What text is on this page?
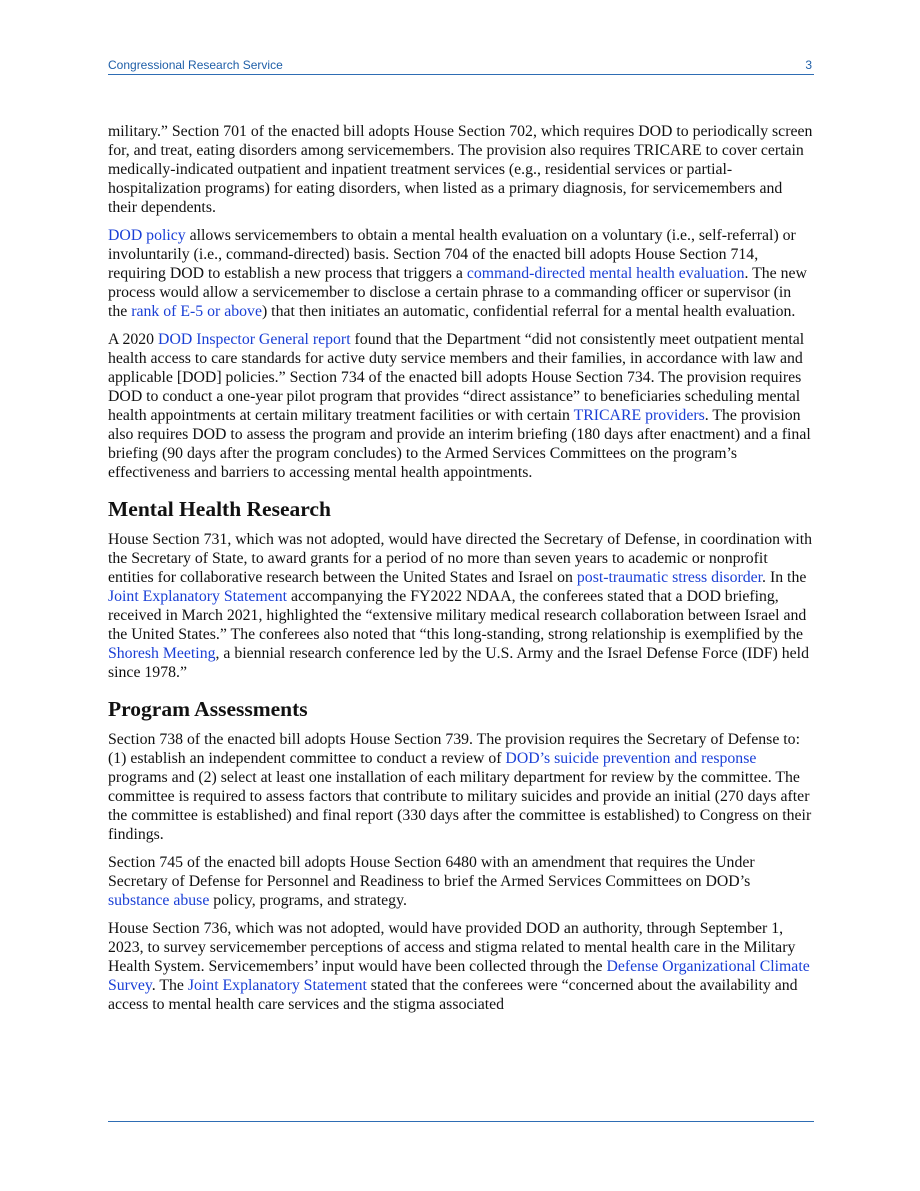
Congressional Research Service	3

military.” Section 701 of the enacted bill adopts House Section 702, which requires DOD to periodically screen for, and treat, eating disorders among servicemembers. The provision also requires TRICARE to cover certain medically-indicated outpatient and inpatient treatment services (e.g., residential services or partial-hospitalization programs) for eating disorders, when listed as a primary diagnosis, for servicemembers and their dependents.

DOD policy allows servicemembers to obtain a mental health evaluation on a voluntary (i.e., self-referral) or involuntarily (i.e., command-directed) basis. Section 704 of the enacted bill adopts House Section 714, requiring DOD to establish a new process that triggers a command-directed mental health evaluation. The new process would allow a servicemember to disclose a certain phrase to a commanding officer or supervisor (in the rank of E-5 or above) that then initiates an automatic, confidential referral for a mental health evaluation.

A 2020 DOD Inspector General report found that the Department “did not consistently meet outpatient mental health access to care standards for active duty service members and their families, in accordance with law and applicable [DOD] policies.” Section 734 of the enacted bill adopts House Section 734. The provision requires DOD to conduct a one-year pilot program that provides “direct assistance” to beneficiaries scheduling mental health appointments at certain military treatment facilities or with certain TRICARE providers. The provision also requires DOD to assess the program and provide an interim briefing (180 days after enactment) and a final briefing (90 days after the program concludes) to the Armed Services Committees on the program’s effectiveness and barriers to accessing mental health appointments.

Mental Health Research

House Section 731, which was not adopted, would have directed the Secretary of Defense, in coordination with the Secretary of State, to award grants for a period of no more than seven years to academic or nonprofit entities for collaborative research between the United States and Israel on post-traumatic stress disorder. In the Joint Explanatory Statement accompanying the FY2022 NDAA, the conferees stated that a DOD briefing, received in March 2021, highlighted the “extensive military medical research collaboration between Israel and the United States.” The conferees also noted that “this long-standing, strong relationship is exemplified by the Shoresh Meeting, a biennial research conference led by the U.S. Army and the Israel Defense Force (IDF) held since 1978.”

Program Assessments

Section 738 of the enacted bill adopts House Section 739. The provision requires the Secretary of Defense to: (1) establish an independent committee to conduct a review of DOD’s suicide prevention and response programs and (2) select at least one installation of each military department for review by the committee. The committee is required to assess factors that contribute to military suicides and provide an initial (270 days after the committee is established) and final report (330 days after the committee is established) to Congress on their findings.

Section 745 of the enacted bill adopts House Section 6480 with an amendment that requires the Under Secretary of Defense for Personnel and Readiness to brief the Armed Services Committees on DOD’s substance abuse policy, programs, and strategy.

House Section 736, which was not adopted, would have provided DOD an authority, through September 1, 2023, to survey servicemember perceptions of access and stigma related to mental health care in the Military Health System. Servicemembers’ input would have been collected through the Defense Organizational Climate Survey. The Joint Explanatory Statement stated that the conferees were “concerned about the availability and access to mental health care services and the stigma associated
